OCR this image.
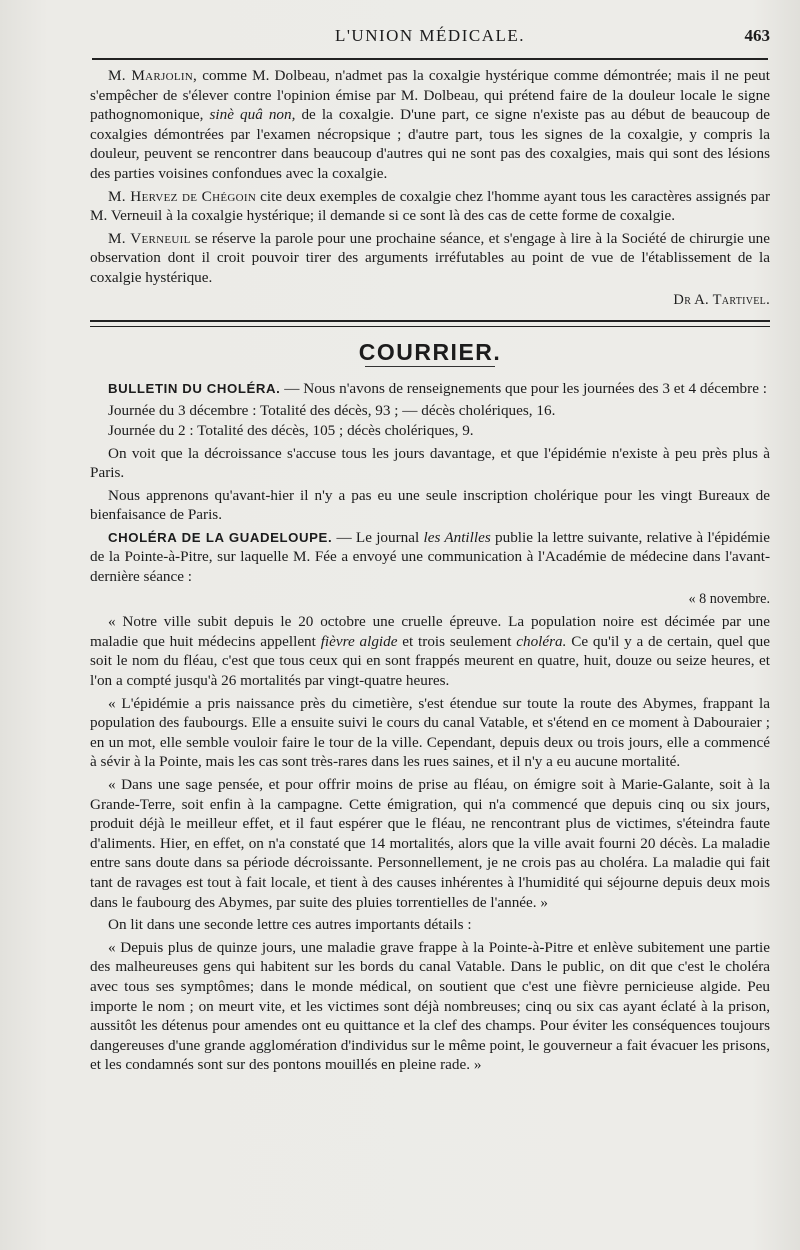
L'UNION MÉDICALE.	463

M. Marjolin, comme M. Dolbeau, n'admet pas la coxalgie hystérique comme démontrée; mais il ne peut s'empêcher de s'élever contre l'opinion émise par M. Dolbeau, qui prétend faire de la douleur locale le signe pathognomonique, sinè quâ non, de la coxalgie. D'une part, ce signe n'existe pas au début de beaucoup de coxalgies démontrées par l'examen nécropsique ; d'autre part, tous les signes de la coxalgie, y compris la douleur, peuvent se rencontrer dans beaucoup d'autres qui ne sont pas des coxalgies, mais qui sont des lésions des parties voisines confondues avec la coxalgie.

M. Hervez de Chégoin cite deux exemples de coxalgie chez l'homme ayant tous les caractères assignés par M. Verneuil à la coxalgie hystérique; il demande si ce sont là des cas de cette forme de coxalgie.

M. Verneuil se réserve la parole pour une prochaine séance, et s'engage à lire à la Société de chirurgie une observation dont il croit pouvoir tirer des arguments irréfutables au point de vue de l'établissement de la coxalgie hystérique.

Dr A. Tartivel.

COURRIER.

BULLETIN DU CHOLÉRA. — Nous n'avons de renseignements que pour les journées des 3 et 4 décembre :

Journée du 3 décembre : Totalité des décès, 93 ; — décès cholériques, 16.

Journée du 2 : Totalité des décès, 105 ; décès cholériques, 9.

On voit que la décroissance s'accuse tous les jours davantage, et que l'épidémie n'existe à peu près plus à Paris.

Nous apprenons qu'avant-hier il n'y a pas eu une seule inscription cholérique pour les vingt Bureaux de bienfaisance de Paris.

CHOLÉRA DE LA GUADELOUPE. — Le journal les Antilles publie la lettre suivante, relative à l'épidémie de la Pointe-à-Pitre, sur laquelle M. Fée a envoyé une communication à l'Académie de médecine dans l'avant-dernière séance :

« 8 novembre.

« Notre ville subit depuis le 20 octobre une cruelle épreuve. La population noire est décimée par une maladie que huit médecins appellent fièvre algide et trois seulement choléra. Ce qu'il y a de certain, quel que soit le nom du fléau, c'est que tous ceux qui en sont frappés meurent en quatre, huit, douze ou seize heures, et l'on a compté jusqu'à 26 mortalités par vingt-quatre heures.

« L'épidémie a pris naissance près du cimetière, s'est étendue sur toute la route des Abymes, frappant la population des faubourgs. Elle a ensuite suivi le cours du canal Vatable, et s'étend en ce moment à Dabouraier ; en un mot, elle semble vouloir faire le tour de la ville. Cependant, depuis deux ou trois jours, elle a commencé à sévir à la Pointe, mais les cas sont très-rares dans les rues saines, et il n'y a eu aucune mortalité.

« Dans une sage pensée, et pour offrir moins de prise au fléau, on émigre soit à Marie-Galante, soit à la Grande-Terre, soit enfin à la campagne. Cette émigration, qui n'a commencé que depuis cinq ou six jours, produit déjà le meilleur effet, et il faut espérer que le fléau, ne rencontrant plus de victimes, s'éteindra faute d'aliments. Hier, en effet, on n'a constaté que 14 mortalités, alors que la ville avait fourni 20 décès. La maladie entre sans doute dans sa période décroissante. Personnellement, je ne crois pas au choléra. La maladie qui fait tant de ravages est tout à fait locale, et tient à des causes inhérentes à l'humidité qui séjourne depuis deux mois dans le faubourg des Abymes, par suite des pluies torrentielles de l'année. »

On lit dans une seconde lettre ces autres importants détails :

« Depuis plus de quinze jours, une maladie grave frappe à la Pointe-à-Pitre et enlève subitement une partie des malheureuses gens qui habitent sur les bords du canal Vatable. Dans le public, on dit que c'est le choléra avec tous ses symptômes; dans le monde médical, on soutient que c'est une fièvre pernicieuse algide. Peu importe le nom ; on meurt vite, et les victimes sont déjà nombreuses; cinq ou six cas ayant éclaté à la prison, aussitôt les détenus pour amendes ont eu quittance et la clef des champs. Pour éviter les conséquences toujours dangereuses d'une grande agglomération d'individus sur le même point, le gouverneur a fait évacuer les prisons, et les condamnés sont sur des pontons mouillés en pleine rade. »
